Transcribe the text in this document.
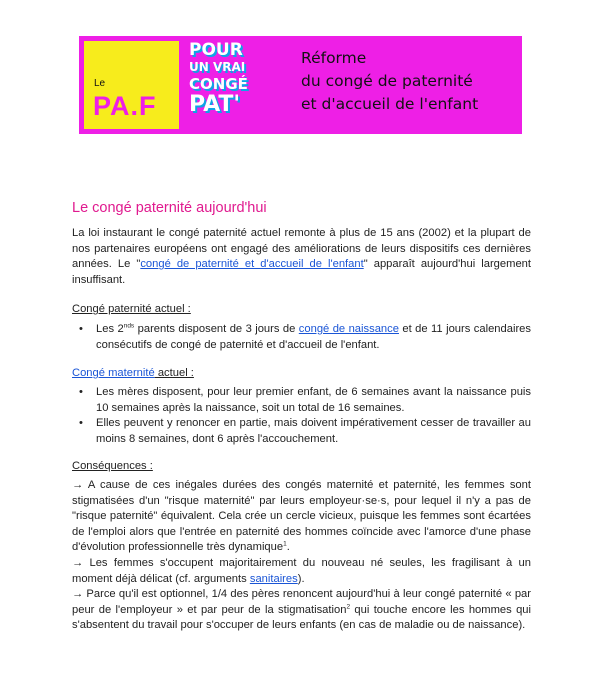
Le
PA.F
POUR
UN VRAI
CONGÉ
PAT'
Réforme
du congé de paternité
et d'accueil de l'enfant
Le congé paternité aujourd'hui
La loi instaurant le congé paternité actuel remonte à plus de 15 ans (2002) et la plupart de nos partenaires européens ont engagé des améliorations de leurs dispositifs ces dernières années. Le "congé de paternité et d'accueil de l'enfant" apparaît aujourd'hui largement insuffisant.
Congé paternité actuel :
• Les $2^{nds}$ parents disposent de 3 jours de congé de naissance et de 11 jours calendaires consécutifs de congé de paternité et d'accueil de l'enfant.
Congé maternité actuel :
• Les mères disposent, pour leur premier enfant, de 6 semaines avant la naissance puis 10 semaines après la naissance, soit un total de 16 semaines.
• Elles peuvent y renoncer en partie, mais doivent impérativement cesser de travailler au moins 8 semaines, dont 6 après l'accouchement.
Conséquences :
→ A cause de ces inégales durées des congés maternité et paternité, les femmes sont stigmatisées d'un "risque maternité" par leurs employeur·se·s, pour lequel il n'y a pas de "risque paternité" équivalent. Cela crée un cercle vicieux, puisque les femmes sont écartées de l'emploi alors que l'entrée en paternité des hommes coïncide avec l'amorce d'une phase d'évolution professionnelle très dynamique$^1$.
→ Les femmes s'occupent majoritairement du nouveau né seules, les fragilisant à un moment déjà délicat (cf. arguments sanitaires).
→ Parce qu'il est optionnel, 1/4 des pères renoncent aujourd'hui à leur congé paternité « par peur de l'employeur » et par peur de la stigmatisation$^2$ qui touche encore les hommes qui s'absentent du travail pour s'occuper de leurs enfants (en cas de maladie ou de naissance).
